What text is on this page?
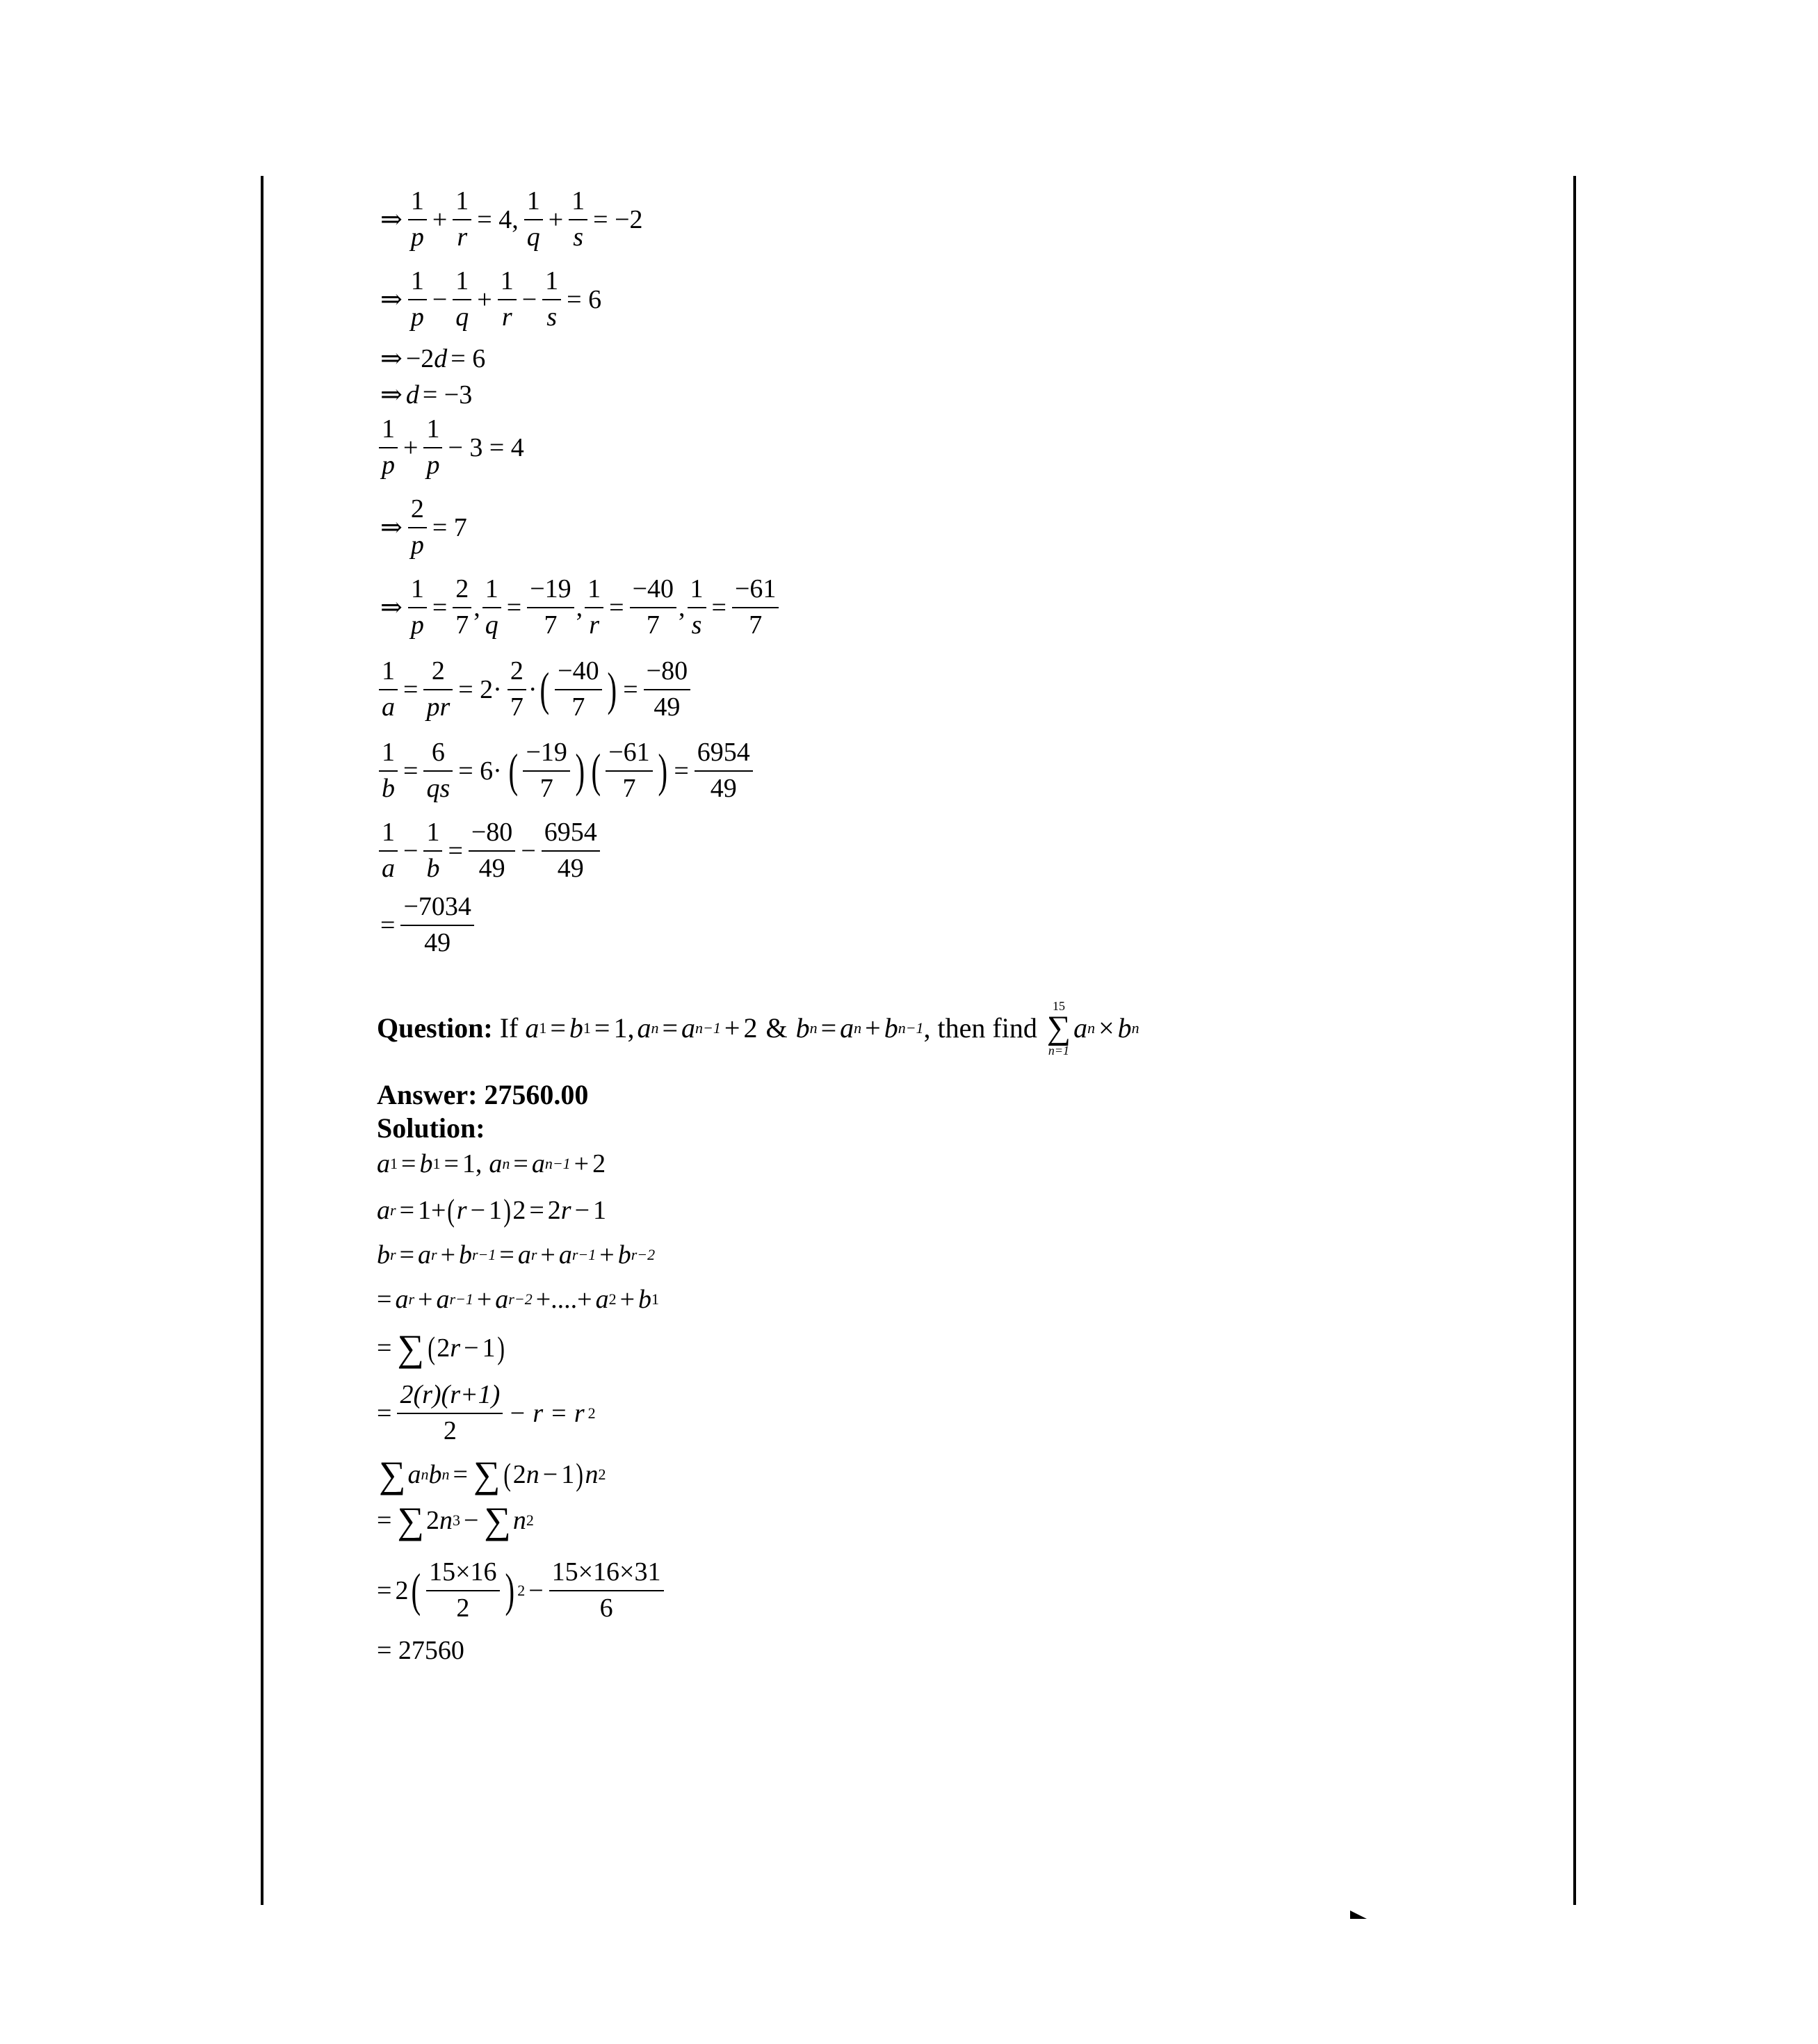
⇒ $\frac{1}{p} + \frac{1}{r} = 4$, $\frac{1}{q} + \frac{1}{s} = -2$
⇒ $\frac{1}{p} - \frac{1}{q} + \frac{1}{r} - \frac{1}{s} = 6$
⇒ −2 d = 6
⇒ d = −3
$\frac{1}{p} + \frac{1}{p} - 3 = 4$
⇒ $\frac{2}{p} = 7$
⇒ $\frac{1}{p} = \frac{2}{7}$ , $\frac{1}{q} = \frac{-19}{7}$ , $\frac{1}{r} = \frac{-40}{7}$ , $\frac{1}{s} = \frac{-61}{7}$
$\frac{1}{a} = \frac{2}{pr} = 2\cdot \frac{2}{7}$ · ( $\frac{-40}{7}$ ) = $\frac{-80}{49}$
$\frac{1}{b} = \frac{6}{qs} = 6\cdot$ ( $\frac{-19}{7}$ ) ( $\frac{-61}{7}$ ) = $\frac{6954}{49}$
$\frac{1}{a} - \frac{1}{b} = \frac{-80}{49} - \frac{6954}{49}$
= $\frac{-7034}{49}$
Question: If a 1 = b 1 = 1, a n = a n−1 + 2 & b n = a n + b n−1 , then find
15
∑
n=1
a n × b n
Answer: 27560.00
Solution:
a 1 = b 1 = 1, a n = a n−1 + 2
a r = 1+ ( r − 1 ) 2 = 2 r − 1
b r = a r + b r−1 = a r + a r−1 + b r−2
= a r + a r−1 + a r−2 +....+ a 2 + b 1
= ∑ ( 2 r − 1 )
= $\frac{2(r)(r+1)}{2} - r = r$ 2
∑ a n b n = ∑ ( 2 n − 1 ) n 2
= ∑ 2 n 3 − ∑ n 2
= 2 ( $\frac{15\times 16}{2}$ ) $2 - \frac{15\times 16\times 31}{6}$
= 27560
